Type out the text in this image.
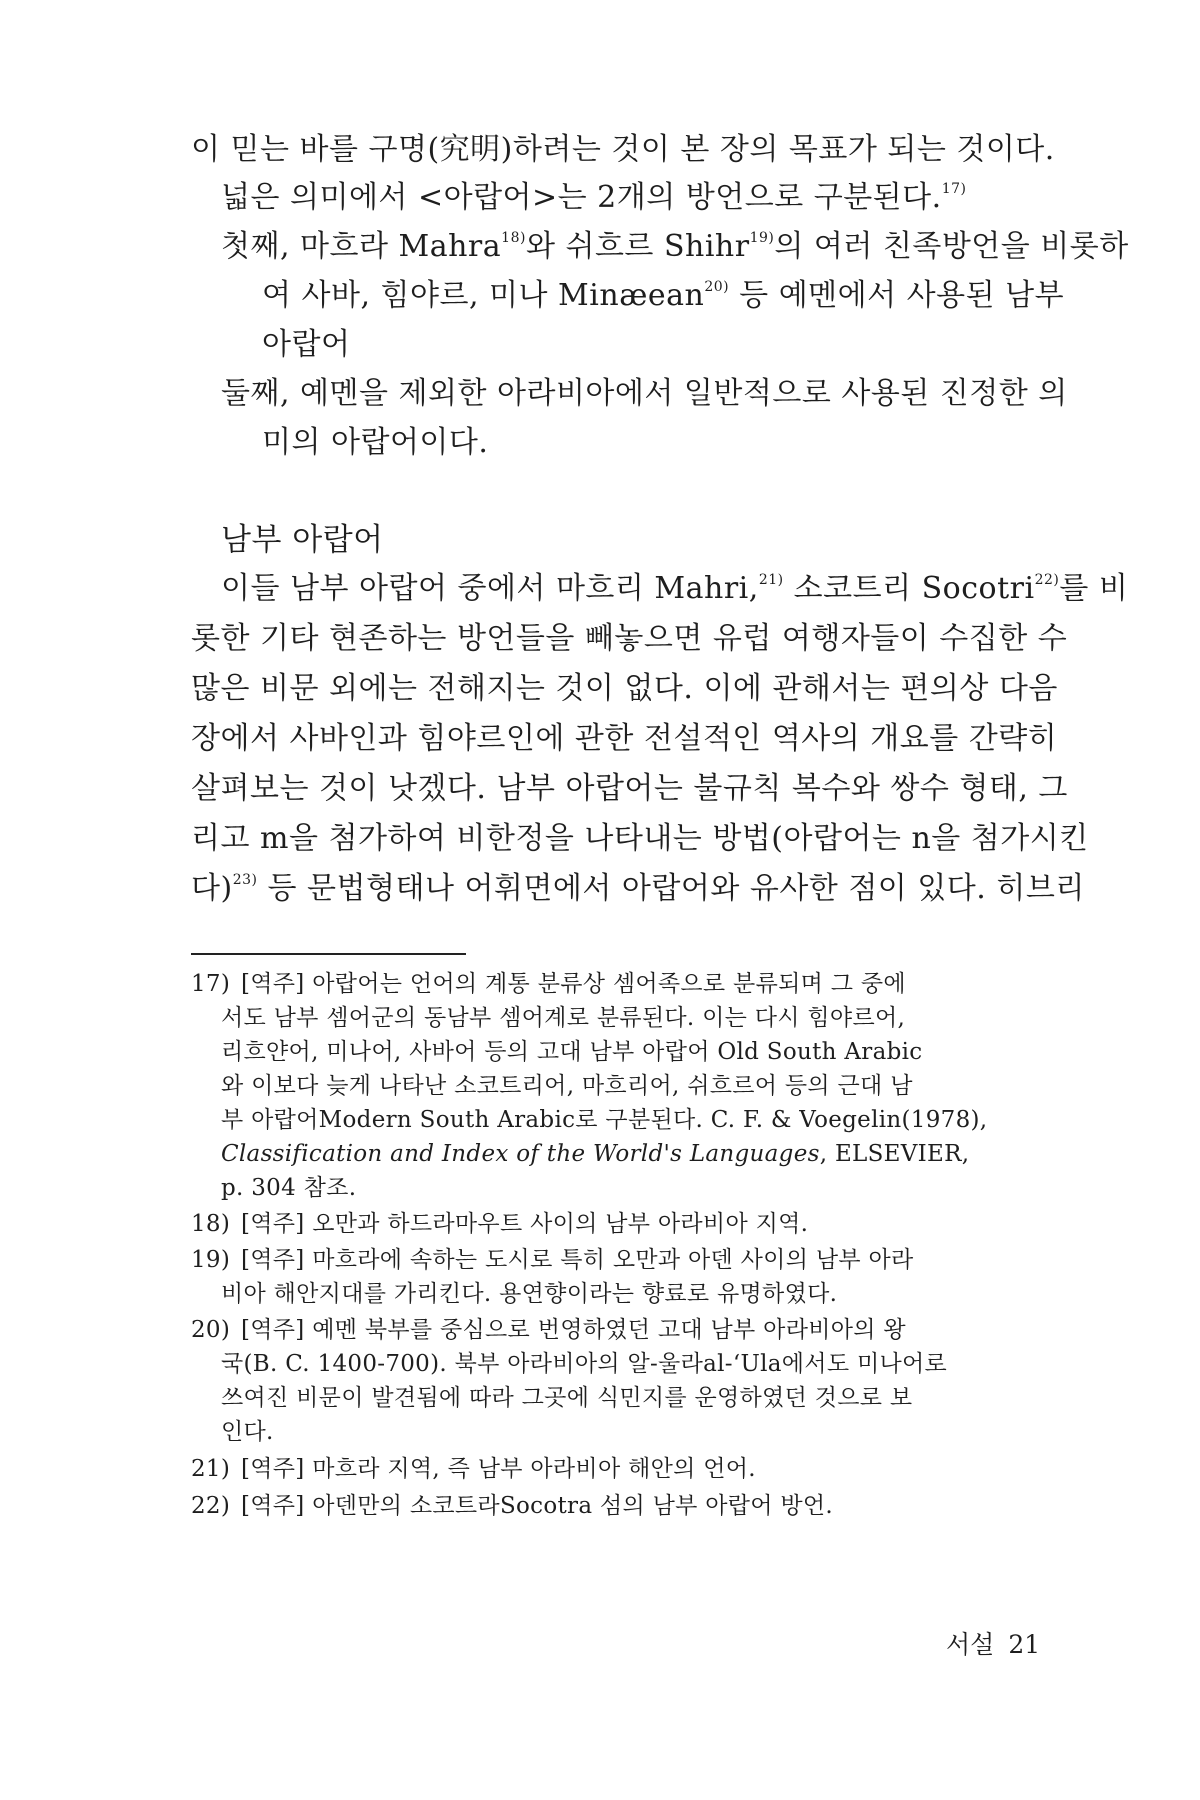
이 믿는 바를 구명(究明)하려는 것이 본 장의 목표가 되는 것이다.
넓은 의미에서 <아랍어>는 2개의 방언으로 구분된다.$^{17)}$
첫째, 마흐라 Mahra$^{18)}$와 쉬흐르 Shihr$^{19)}$의 여러 친족방언을 비롯하
여 사바, 힘야르, 미나 Minæean$^{20)}$ 등 예멘에서 사용된 남부
아랍어
둘째, 예멘을 제외한 아라비아에서 일반적으로 사용된 진정한 의
미의 아랍어이다.
남부 아랍어
이들 남부 아랍어 중에서 마흐리 Mahri,$^{21)}$ 소코트리 Socotri$^{22)}$를 비
롯한 기타 현존하는 방언들을 빼놓으면 유럽 여행자들이 수집한 수
많은 비문 외에는 전해지는 것이 없다. 이에 관해서는 편의상 다음
장에서 사바인과 힘야르인에 관한 전설적인 역사의 개요를 간략히
살펴보는 것이 낫겠다. 남부 아랍어는 불규칙 복수와 쌍수 형태, 그
리고 m을 첨가하여 비한정을 나타내는 방법(아랍어는 n을 첨가시킨
다)$^{23)}$ 등 문법형태나 어휘면에서 아랍어와 유사한 점이 있다. 히브리
17) [역주] 아랍어는 언어의 계통 분류상 셈어족으로 분류되며 그 중에
서도 남부 셈어군의 동남부 셈어계로 분류된다. 이는 다시 힘야르어,
리흐얀어, 미나어, 사바어 등의 고대 남부 아랍어 Old South Arabic
와 이보다 늦게 나타난 소코트리어, 마흐리어, 쉬흐르어 등의 근대 남
부 아랍어Modern South Arabic로 구분된다. C. F. & Voegelin(1978),
Classification and Index of the World's Languages, ELSEVIER,
p. 304 참조.
18) [역주] 오만과 하드라마우트 사이의 남부 아라비아 지역.
19) [역주] 마흐라에 속하는 도시로 특히 오만과 아덴 사이의 남부 아라
비아 해안지대를 가리킨다. 용연향이라는 향료로 유명하였다.
20) [역주] 예멘 북부를 중심으로 번영하였던 고대 남부 아라비아의 왕
국(B. C. 1400-700). 북부 아라비아의 알-울라al-‘Ula에서도 미나어로
쓰여진 비문이 발견됨에 따라 그곳에 식민지를 운영하였던 것으로 보
인다.
21) [역주] 마흐라 지역, 즉 남부 아라비아 해안의 언어.
22) [역주] 아덴만의 소코트라Socotra 섬의 남부 아랍어 방언.
서설 21
